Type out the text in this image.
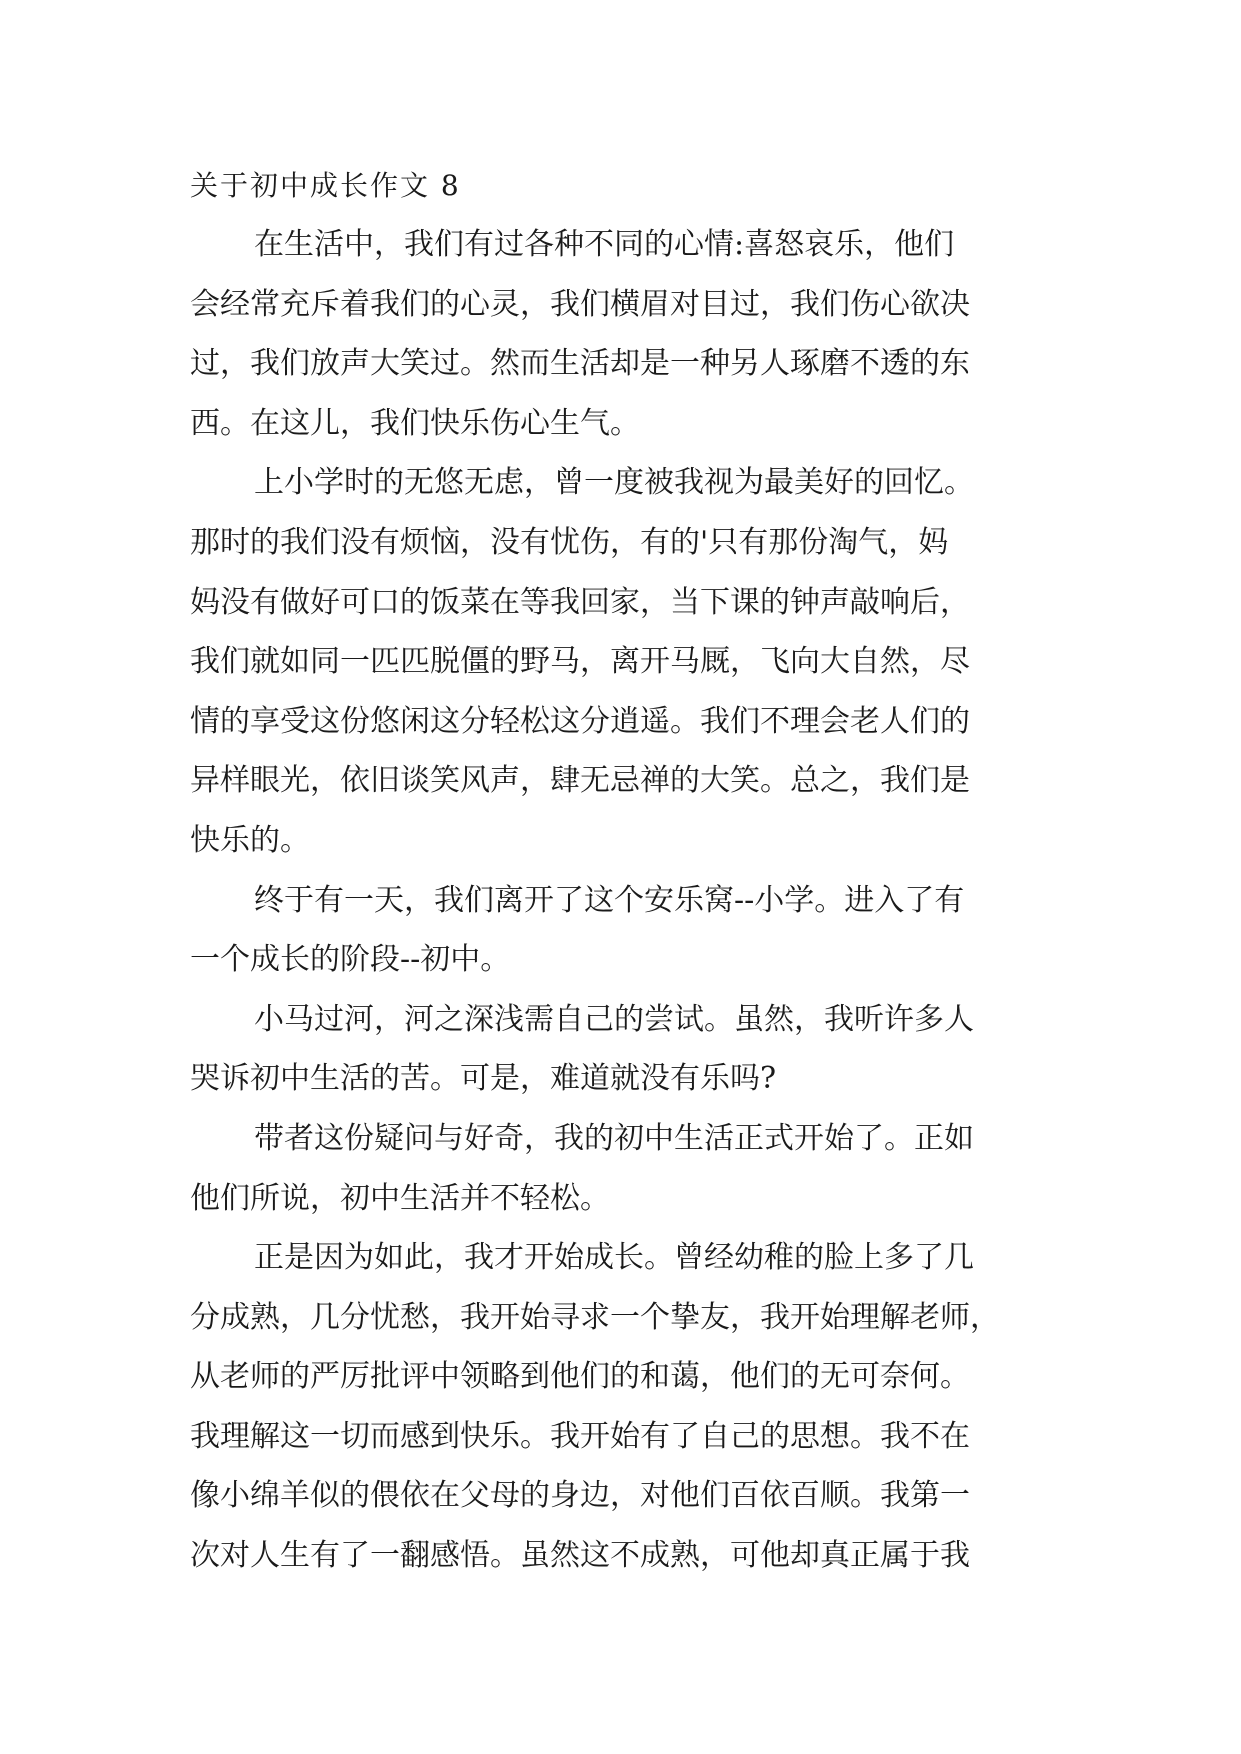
关于初中成长作文 8
在生活中，我们有过各种不同的心情:喜怒哀乐，他们
会经常充斥着我们的心灵，我们横眉对目过，我们伤心欲决
过，我们放声大笑过。然而生活却是一种另人琢磨不透的东
西。在这儿，我们快乐伤心生气。
上小学时的无悠无虑，曾一度被我视为最美好的回忆。
那时的我们没有烦恼，没有忧伤，有的'只有那份淘气，妈
妈没有做好可口的饭菜在等我回家，当下课的钟声敲响后，
我们就如同一匹匹脱僵的野马，离开马厩，飞向大自然，尽
情的享受这份悠闲这分轻松这分逍遥。我们不理会老人们的
异样眼光，依旧谈笑风声，肆无忌禅的大笑。总之，我们是
快乐的。
终于有一天，我们离开了这个安乐窝--小学。进入了有
一个成长的阶段--初中。
小马过河，河之深浅需自己的尝试。虽然，我听许多人
哭诉初中生活的苦。可是，难道就没有乐吗?
带者这份疑问与好奇，我的初中生活正式开始了。正如
他们所说，初中生活并不轻松。
正是因为如此，我才开始成长。曾经幼稚的脸上多了几
分成熟，几分忧愁，我开始寻求一个挚友，我开始理解老师，
从老师的严厉批评中领略到他们的和蔼，他们的无可奈何。
我理解这一切而感到快乐。我开始有了自己的思想。我不在
像小绵羊似的偎依在父母的身边，对他们百依百顺。我第一
次对人生有了一翻感悟。虽然这不成熟，可他却真正属于我
